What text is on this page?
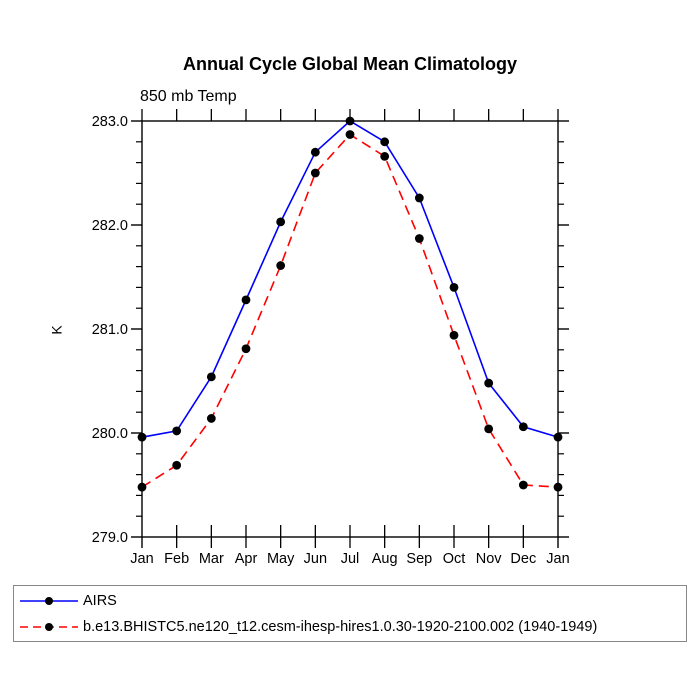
Annual Cycle Global Mean Climatology
850 mb Temp
K
279.0
280.0
281.0
282.0
283.0
Jan Feb Mar Apr May Jun Jul Aug Sep Oct Nov Dec Jan
AIRS
b.e13.BHISTC5.ne120_t12.cesm-ihesp-hires1.0.30-1920-2100.002 (1940-1949)
